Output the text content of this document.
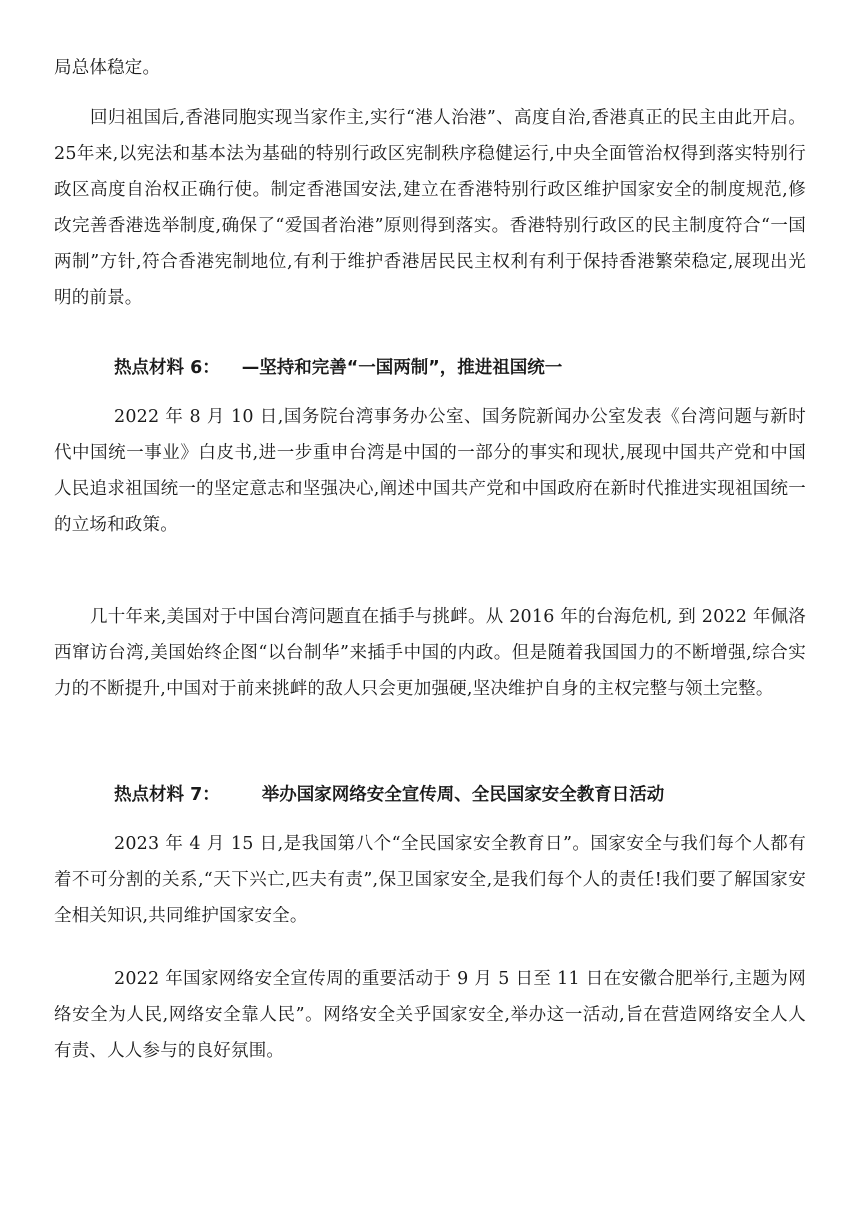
局总体稳定。

回归祖国后,香港同胞实现当家作主,实行“港人治港”、高度自治,香港真正的民主由此开启。25年来,以宪法和基本法为基础的特别行政区宪制秩序稳健运行,中央全面管治权得到落实特别行政区高度自治权正确行使。制定香港国安法,建立在香港特别行政区维护国家安全的制度规范,修改完善香港选举制度,确保了“爱国者治港”原则得到落实。香港特别行政区的民主制度符合“一国两制”方针,符合香港宪制地位,有利于维护香港居民民主权利有利于保持香港繁荣稳定,展现出光明的前景。

热点材料 6： —坚持和完善“一国两制”，推进祖国统一

2022 年 8 月 10 日,国务院台湾事务办公室、国务院新闻办公室发表《台湾问题与新时代中国统一事业》白皮书,进一步重申台湾是中国的一部分的事实和现状,展现中国共产党和中国人民追求祖国统一的坚定意志和坚强决心,阐述中国共产党和中国政府在新时代推进实现祖国统一的立场和政策。

几十年来,美国对于中国台湾问题直在插手与挑衅。从 2016 年的台海危机, 到 2022 年佩洛西窜访台湾,美国始终企图“以台制华”来插手中国的内政。但是随着我国国力的不断增强,综合实力的不断提升,中国对于前来挑衅的敌人只会更加强硬,坚决维护自身的主权完整与领土完整。

热点材料 7： 举办国家网络安全宣传周、全民国家安全教育日活动

2023 年 4 月 15 日,是我国第八个“全民国家安全教育日”。国家安全与我们每个人都有着不可分割的关系,“天下兴亡,匹夫有责”,保卫国家安全,是我们每个人的责任!我们要了解国家安全相关知识,共同维护国家安全。

2022 年国家网络安全宣传周的重要活动于 9 月 5 日至 11 日在安徽合肥举行,主题为网络安全为人民,网络安全靠人民”。网络安全关乎国家安全,举办这一活动,旨在营造网络安全人人有责、人人参与的良好氛围。
